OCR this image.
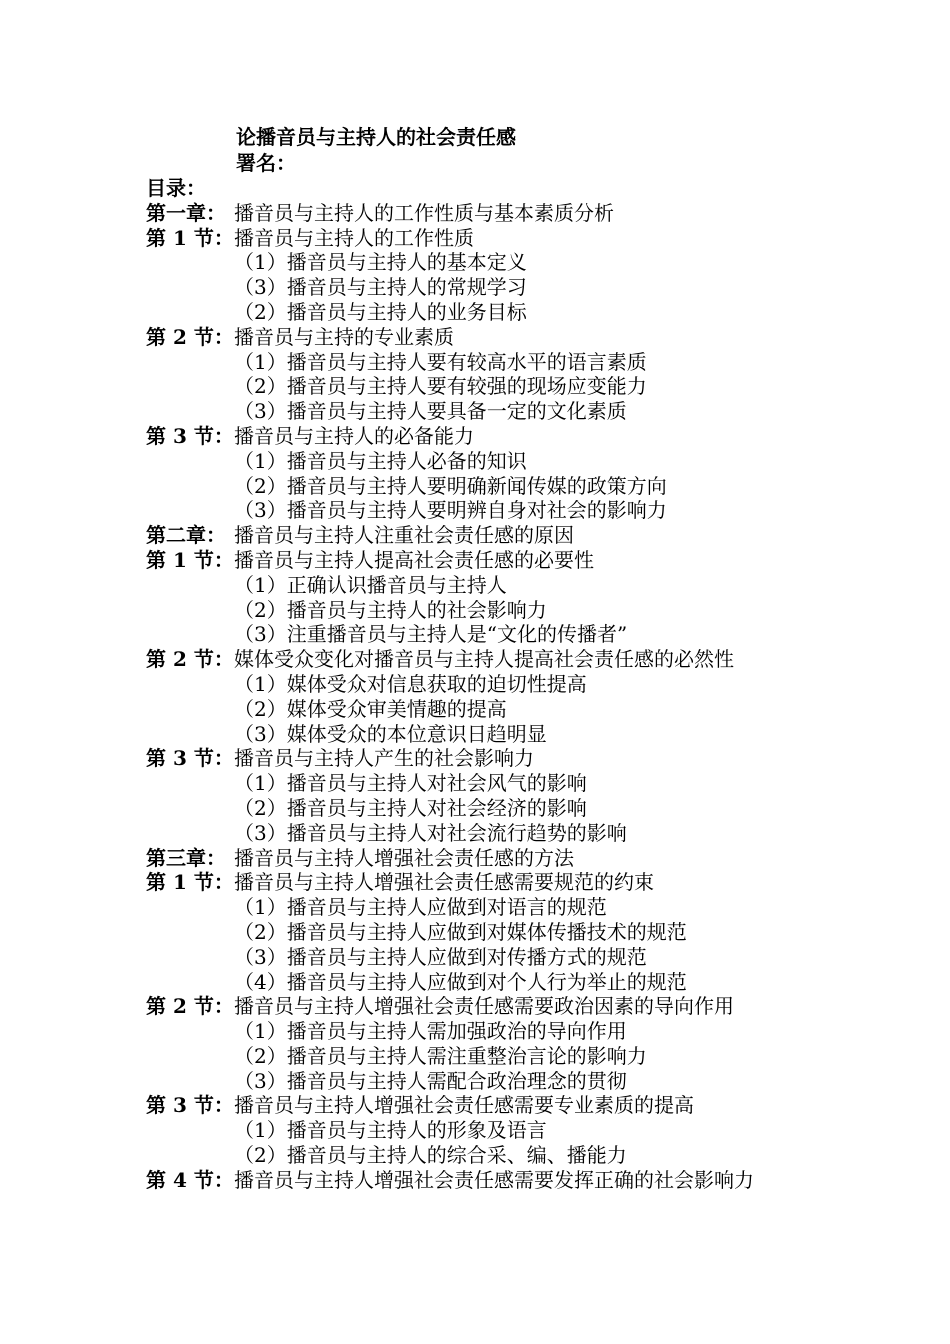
论播音员与主持人的社会责任感
署名：
目录：
第一章： 播音员与主持人的工作性质与基本素质分析
第 1 节： 播音员与主持人的工作性质
（1）播音员与主持人的基本定义
（3）播音员与主持人的常规学习
（2）播音员与主持人的业务目标
第 2 节： 播音员与主持的专业素质
（1）播音员与主持人要有较高水平的语言素质
（2）播音员与主持人要有较强的现场应变能力
（3）播音员与主持人要具备一定的文化素质
第 3 节： 播音员与主持人的必备能力
（1）播音员与主持人必备的知识
（2）播音员与主持人要明确新闻传媒的政策方向
（3）播音员与主持人要明辨自身对社会的影响力
第二章： 播音员与主持人注重社会责任感的原因
第 1 节： 播音员与主持人提高社会责任感的必要性
（1）正确认识播音员与主持人
（2）播音员与主持人的社会影响力
（3）注重播音员与主持人是“文化的传播者”
第 2 节： 媒体受众变化对播音员与主持人提高社会责任感的必然性
（1）媒体受众对信息获取的迫切性提高
（2）媒体受众审美情趣的提高
（3）媒体受众的本位意识日趋明显
第 3 节： 播音员与主持人产生的社会影响力
（1）播音员与主持人对社会风气的影响
（2）播音员与主持人对社会经济的影响
（3）播音员与主持人对社会流行趋势的影响
第三章： 播音员与主持人增强社会责任感的方法
第 1 节： 播音员与主持人增强社会责任感需要规范的约束
（1）播音员与主持人应做到对语言的规范
（2）播音员与主持人应做到对媒体传播技术的规范
（3）播音员与主持人应做到对传播方式的规范
（4）播音员与主持人应做到对个人行为举止的规范
第 2 节： 播音员与主持人增强社会责任感需要政治因素的导向作用
（1）播音员与主持人需加强政治的导向作用
（2）播音员与主持人需注重整治言论的影响力
（3）播音员与主持人需配合政治理念的贯彻
第 3 节： 播音员与主持人增强社会责任感需要专业素质的提高
（1）播音员与主持人的形象及语言
（2）播音员与主持人的综合采、编、播能力
第 4 节：播音员与主持人增强社会责任感需要发挥正确的社会影响力
